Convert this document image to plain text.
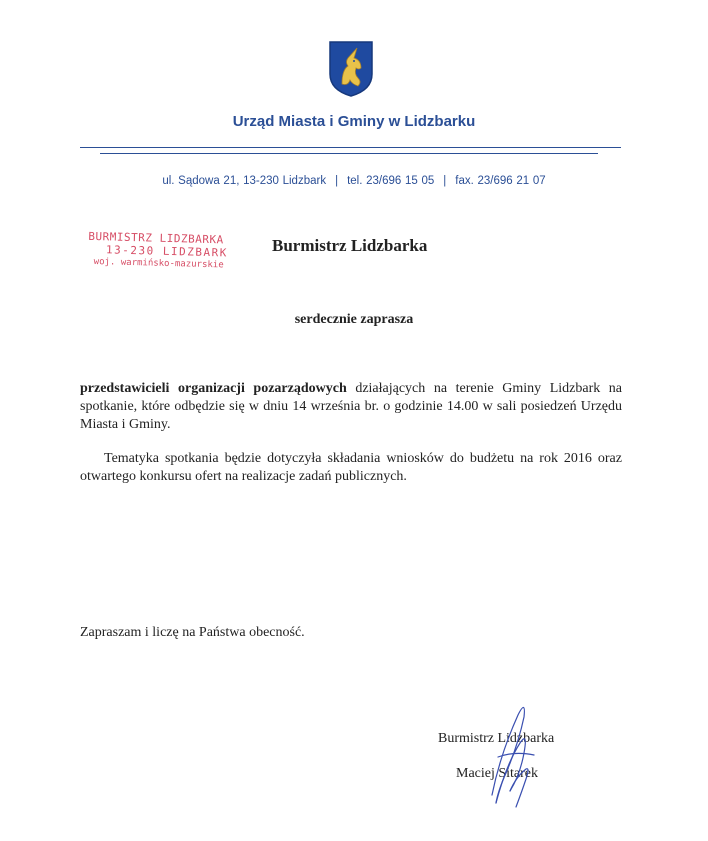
Urząd Miasta i Gminy w Lidzbarku
ul. Sądowa 21, 13-230 Lidzbark | tel. 23/696 15 05 | fax. 23/696 21 07
BURMISTRZ LIDZBARKA
13-230 LIDZBARK
woj. warmińsko-mazurskie
Burmistrz Lidzbarka
serdecznie zaprasza
przedstawicieli organizacji pozarządowych działających na terenie Gminy Lidzbark na spotkanie, które odbędzie się w dniu 14 września br. o godzinie 14.00 w sali posiedzeń Urzędu Miasta i Gminy.
Tematyka spotkania będzie dotyczyła składania wniosków do budżetu na rok 2016 oraz otwartego konkursu ofert na realizacje zadań publicznych.
Zapraszam i liczę na Państwa obecność.
Burmistrz Lidzbarka
Maciej Sitarek
